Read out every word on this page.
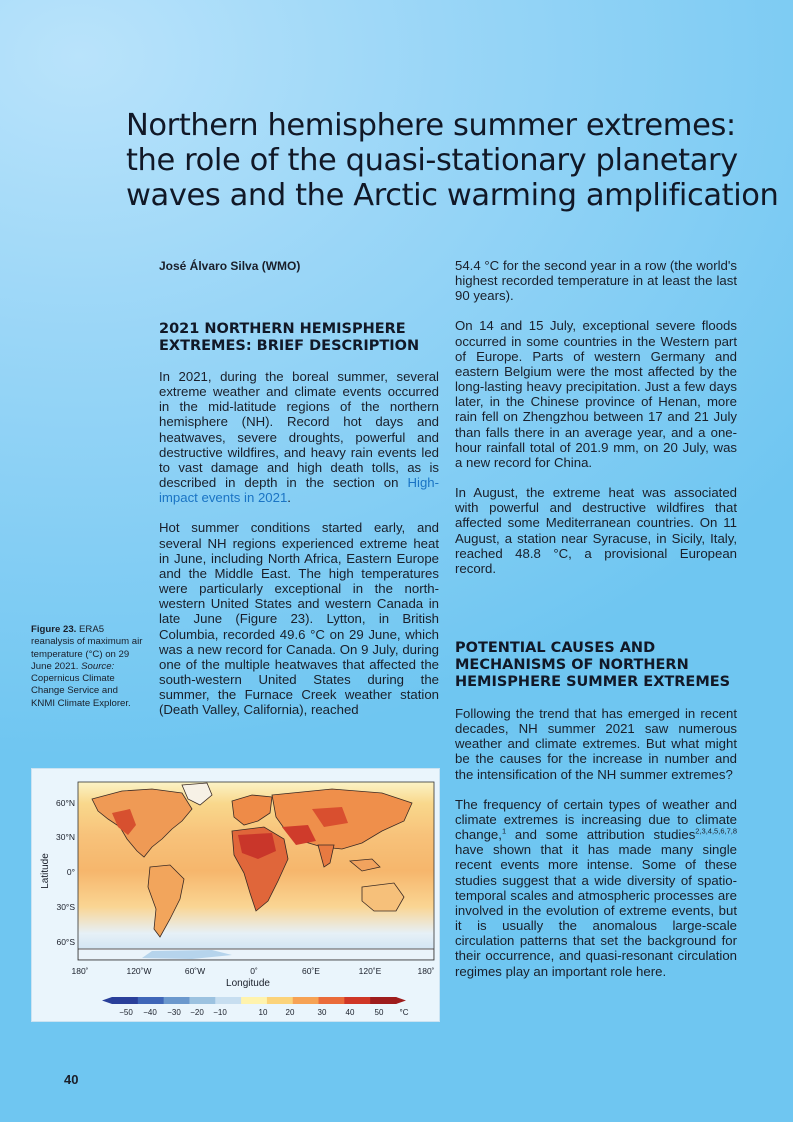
Northern hemisphere summer extremes:
the role of the quasi-stationary planetary
waves and the Arctic warming amplification

José Álvaro Silva (WMO)

2021 NORTHERN HEMISPHERE
EXTREMES: BRIEF DESCRIPTION

In 2021, during the boreal summer, several extreme weather and climate events occurred in the mid-latitude regions of the northern hemisphere (NH). Record hot days and heatwaves, severe droughts, powerful and destructive wildfires, and heavy rain events led to vast damage and high death tolls, as is described in depth in the section on High-impact events in 2021.

Hot summer conditions started early, and several NH regions experienced extreme heat in June, including North Africa, Eastern Europe and the Middle East. The high temperatures were particularly exceptional in the north-western United States and western Canada in late June (Figure 23). Lytton, in British Columbia, recorded 49.6 °C on 29 June, which was a new record for Canada. On 9 July, during one of the multiple heatwaves that affected the south-western United States during the summer, the Furnace Creek weather station (Death Valley, California), reached

54.4 °C for the second year in a row (the world's highest recorded temperature in at least the last 90 years).

On 14 and 15 July, exceptional severe floods occurred in some countries in the Western part of Europe. Parts of western Germany and eastern Belgium were the most affected by the long-lasting heavy precipitation. Just a few days later, in the Chinese province of Henan, more rain fell on Zhengzhou between 17 and 21 July than falls there in an average year, and a one-hour rainfall total of 201.9 mm, on 20 July, was a new record for China.

In August, the extreme heat was associated with powerful and destructive wildfires that affected some Mediterranean countries. On 11 August, a station near Syracuse, in Sicily, Italy, reached 48.8 °C, a provisional European record.

POTENTIAL CAUSES AND
MECHANISMS OF NORTHERN
HEMISPHERE SUMMER EXTREMES

Following the trend that has emerged in recent decades, NH summer 2021 saw numerous weather and climate extremes. But what might be the causes for the increase in number and the intensification of the NH summer extremes?

The frequency of certain types of weather and climate extremes is increasing due to climate change,$^1$ and some attribution studies$^{2,3,4,5,6,7,8}$ have shown that it has made many single recent events more intense. Some of these studies suggest that a wide diversity of spatio-temporal scales and atmospheric processes are involved in the evolution of extreme events, but it is usually the anomalous large-scale circulation patterns that set the background for their occurrence, and quasi-resonant circulation regimes play an important role here.

Figure 23. ERA5 reanalysis of maximum air temperature (°C) on 29 June 2021. Source: Copernicus Climate Change Service and KNMI Climate Explorer.
60°N
30°N
0°
30°S
60°S
Latitude
180˚	120˚W	60˚W	0˚	60˚E	120˚E	180˚
Longitude
−50 −40 −30 −20 −10	10 20	30 40	50 °C

40
